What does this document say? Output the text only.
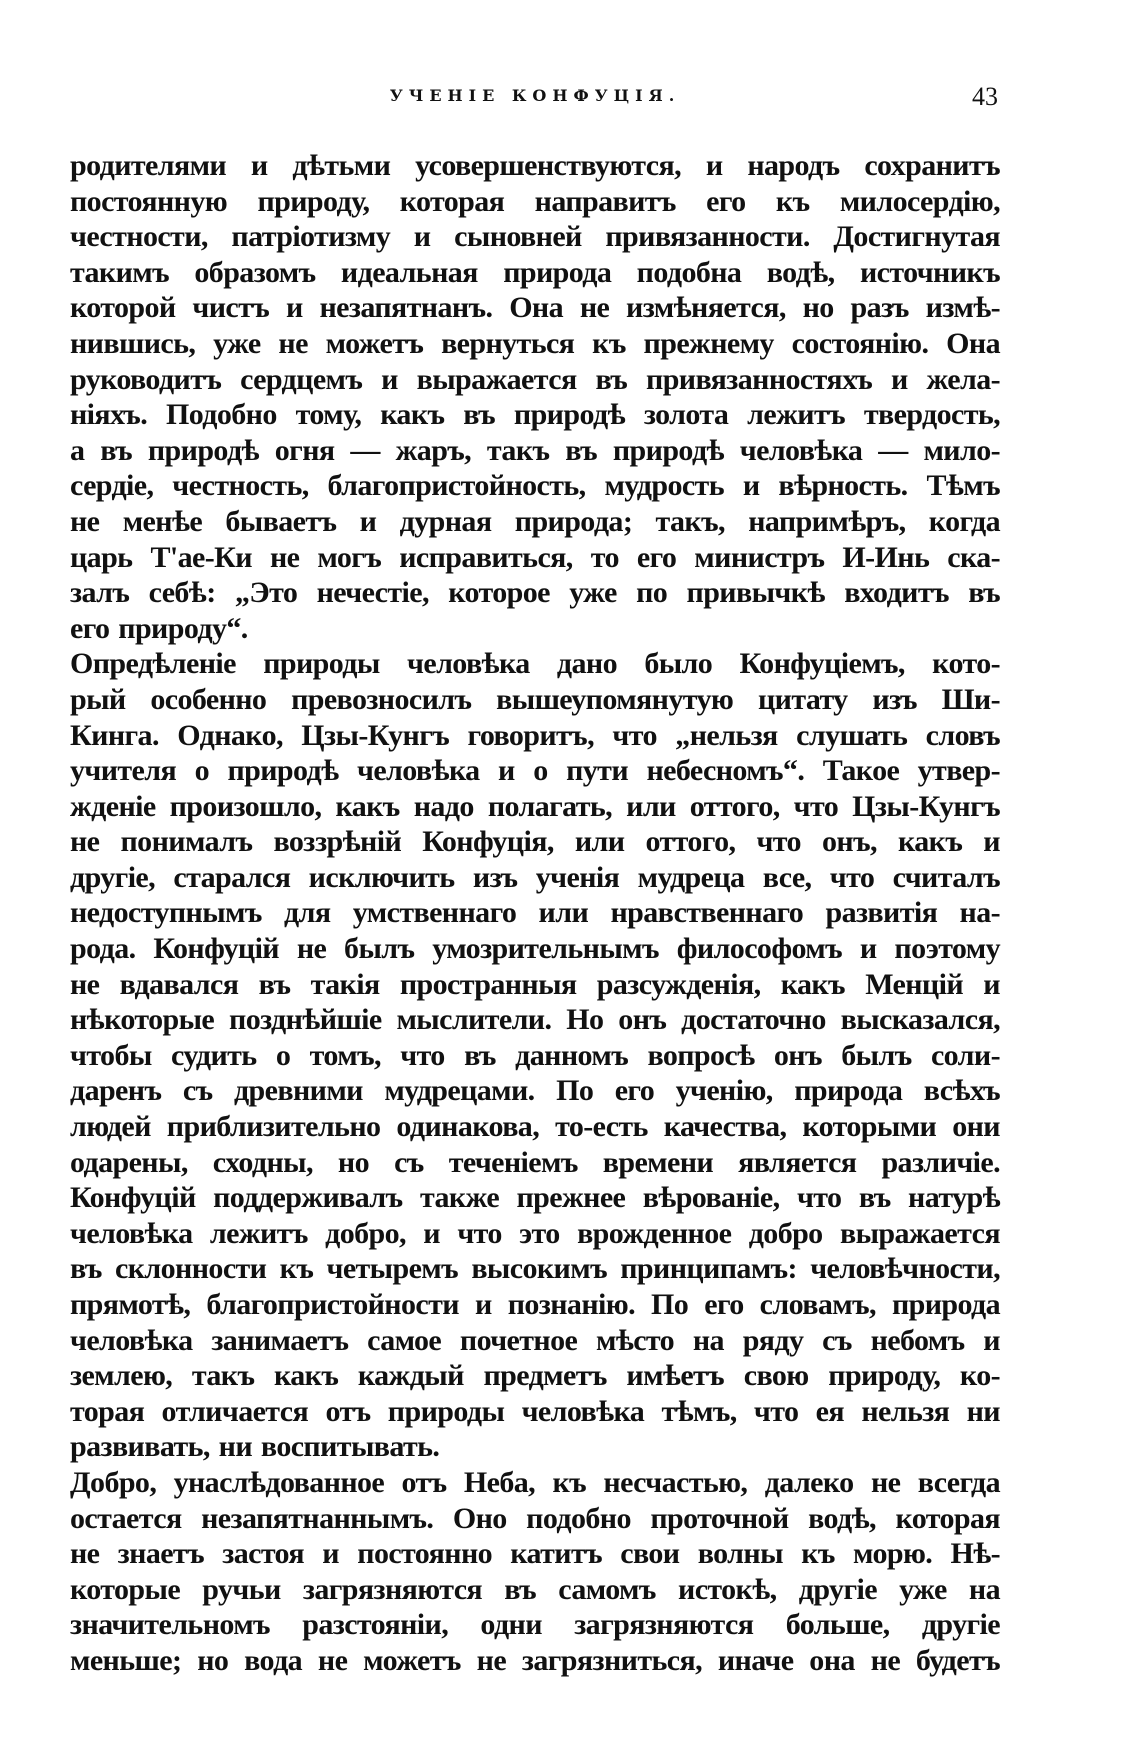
УЧЕНІЕ КОНФУЦІЯ.	43
родителями и дѣтьми усовершенствуются, и народъ сохранитъ
постоянную природу, которая направитъ его къ милосердію,
честности, патріотизму и сыновней привязанности. Достигнутая
такимъ образомъ идеальная природа подобна водѣ, источникъ
которой чистъ и незапятнанъ. Она не измѣняется, но разъ измѣ-
нившись, уже не можетъ вернуться къ прежнему состоянію. Она
руководитъ сердцемъ и выражается въ привязанностяхъ и жела-
ніяхъ. Подобно тому, какъ въ природѣ золота лежитъ твердость,
а въ природѣ огня — жаръ, такъ въ природѣ человѣка — мило-
сердіе, честность, благопристойность, мудрость и вѣрность. Тѣмъ
не менѣе бываетъ и дурная природа; такъ, напримѣръ, когда
царь Т'ае-Ки не могъ исправиться, то его министръ И-Инь ска-
залъ себѣ: „Это нечестіе, которое уже по привычкѣ входитъ въ
его природу“.
Опредѣленіе природы человѣка дано было Конфуціемъ, кото-
рый особенно превозносилъ вышеупомянутую цитату изъ Ши-
Кинга. Однако, Цзы-Кунгъ говоритъ, что „нельзя слушать словъ
учителя о природѣ человѣка и о пути небесномъ“. Такое утвер-
жденіе произошло, какъ надо полагать, или оттого, что Цзы-Кунгъ
не понималъ воззрѣній Конфуція, или оттого, что онъ, какъ и
другіе, старался исключить изъ ученія мудреца все, что считалъ
недоступнымъ для умственнаго или нравственнаго развитія на-
рода. Конфуцій не былъ умозрительнымъ философомъ и поэтому
не вдавался въ такія пространныя разсужденія, какъ Менцій и
нѣкоторые позднѣйшіе мыслители. Но онъ достаточно высказался,
чтобы судить о томъ, что въ данномъ вопросѣ онъ былъ соли-
даренъ съ древними мудрецами. По его ученію, природа всѣхъ
людей приблизительно одинакова, то-есть качества, которыми они
одарены, сходны, но съ теченіемъ времени является различіе.
Конфуцій поддерживалъ также прежнее вѣрованіе, что въ натурѣ
человѣка лежитъ добро, и что это врожденное добро выражается
въ склонности къ четыремъ высокимъ принципамъ: человѣчности,
прямотѣ, благопристойности и познанію. По его словамъ, природа
человѣка занимаетъ самое почетное мѣсто на ряду съ небомъ и
землею, такъ какъ каждый предметъ имѣетъ свою природу, ко-
торая отличается отъ природы человѣка тѣмъ, что ея нельзя ни
развивать, ни воспитывать.
Добро, унаслѣдованное отъ Неба, къ несчастью, далеко не всегда
остается незапятнаннымъ. Оно подобно проточной водѣ, которая
не знаетъ застоя и постоянно катитъ свои волны къ морю. Нѣ-
которые ручьи загрязняются въ самомъ истокѣ, другіе уже на
значительномъ разстояніи, одни загрязняются больше, другіе
меньше; но вода не можетъ не загрязниться, иначе она не будетъ
